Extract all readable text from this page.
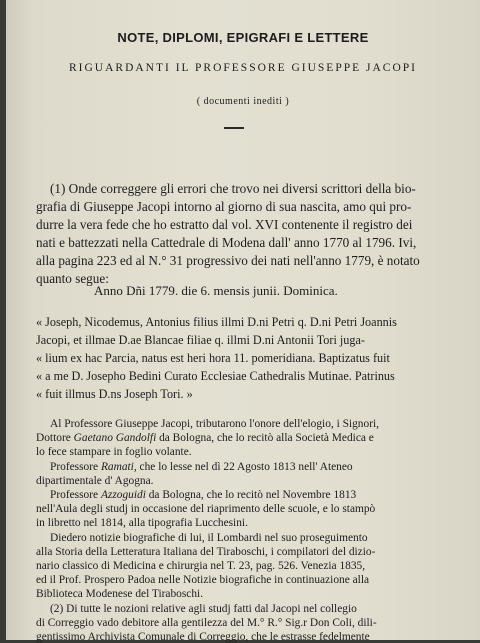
NOTE, DIPLOMI, EPIGRAFI E LETTERE

RIGUARDANTI IL PROFESSORE GIUSEPPE JACOPI

( documenti inediti )

(1) Onde correggere gli errori che trovo nei diversi scrittori della bio-

grafia di Giuseppe Jacopi intorno al giorno di sua nascita, amo qui pro-

durre la vera fede che ho estratto dal vol. XVI contenente il registro dei

nati e battezzati nella Cattedrale di Modena dall' anno 1770 al 1796. Ivi,

alla pagina 223 ed al N.° 31 progressivo dei nati nell'anno 1779, è notato

quanto segue:

Anno Dñi 1779. die 6. mensis junii. Dominica.

« Joseph, Nicodemus, Antonius filius illmi D.ni Petri q. D.ni Petri Joannis

Jacopi, et illmae D.ae Blancae filiae q. illmi D.ni Antonii Tori juga-

« lium ex hac Parcia, natus est heri hora 11. pomeridiana. Baptizatus fuit

« a me D. Josepho Bedini Curato Ecclesiae Cathedralis Mutinae. Patrinus

« fuit illmus D.ns Joseph Tori. »

Al Professore Giuseppe Jacopi, tributarono l'onore dell'elogio, i Signori,

Dottore Gaetano Gandolfi da Bologna, che lo recitò alla Società Medica e

lo fece stampare in foglio volante.

Professore Ramati, che lo lesse nel dì 22 Agosto 1813 nell' Ateneo

dipartimentale d' Agogna.

Professore Azzoguidi da Bologna, che lo recitò nel Novembre 1813

nell'Aula degli studj in occasione del riaprimento delle scuole, e lo stampò

in libretto nel 1814, alla tipografia Lucchesini.

Diedero notizie biografiche di lui, il Lombardi nel suo proseguimento

alla Storia della Letteratura Italiana del Tiraboschi, i compilatori del dizio-

nario classico di Medicina e chirurgia nel T. 23, pag. 526. Venezia 1835,

ed il Prof. Prospero Padoa nelle Notizie biografiche in continuazione alla

Biblioteca Modenese del Tiraboschi.

(2) Di tutte le nozioni relative agli studj fatti dal Jacopi nel collegio

di Correggio vado debitore alla gentilezza del M.° R.° Sig.r Don Coli, dili-

gentissimo Archivista Comunale di Correggio, che le estrasse fedelmente
